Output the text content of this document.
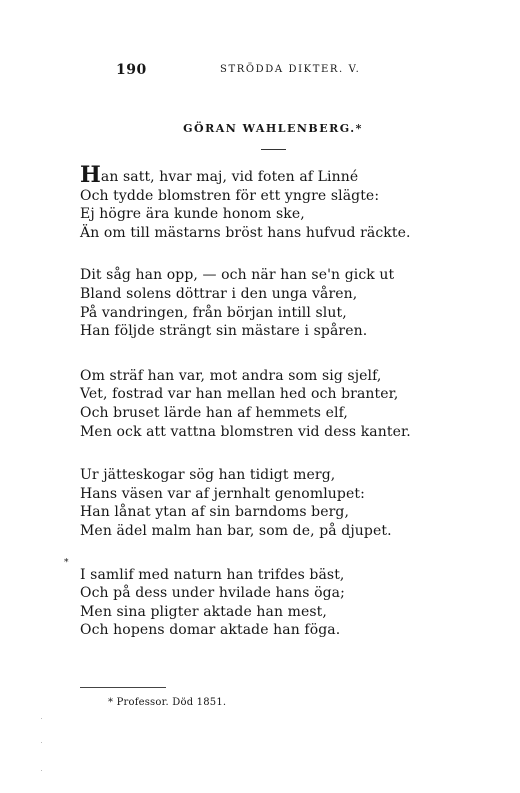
190	STRÖDDA DIKTER. V.
GÖRAN WAHLENBERG.*
Han satt, hvar maj, vid foten af Linné
Och tydde blomstren för ett yngre slägte:
Ej högre ära kunde honom ske,
Än om till mästarns bröst hans hufvud räckte.
Dit såg han opp, — och när han se'n gick ut
Bland solens döttrar i den unga våren,
På vandringen, från början intill slut,
Han följde strängt sin mästare i spåren.
Om sträf han var, mot andra som sig sjelf,
Vet, fostrad var han mellan hed och branter,
Och bruset lärde han af hemmets elf,
Men ock att vattna blomstren vid dess kanter.
Ur jätteskogar sög han tidigt merg,
Hans väsen var af jernhalt genomlupet:
Han lånat ytan af sin barndoms berg,
Men ädel malm han bar, som de, på djupet.
I samlif med naturn han trifdes bäst,
Och på dess under hvilade hans öga;
Men sina pligter aktade han mest,
Och hopens domar aktade han föga.
*
* Professor. Död 1851.
